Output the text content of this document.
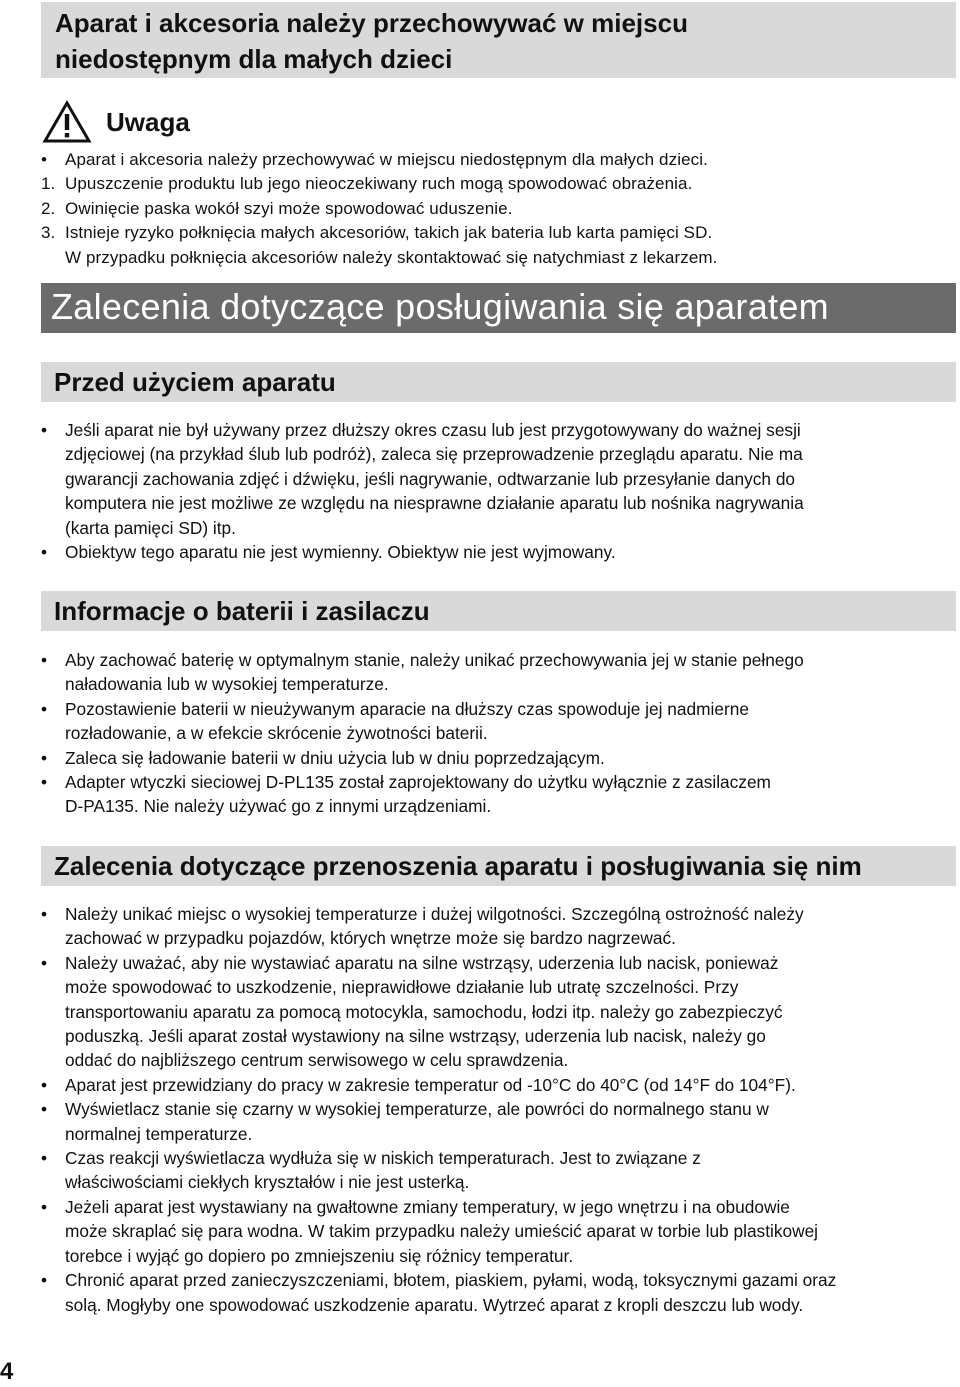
Aparat i akcesoria należy przechowywać w miejscu
niedostępnym dla małych dzieci
Uwaga
• Aparat i akcesoria należy przechowywać w miejscu niedostępnym dla małych dzieci.
1. Upuszczenie produktu lub jego nieoczekiwany ruch mogą spowodować obrażenia.
2. Owinięcie paska wokół szyi może spowodować uduszenie.
3. Istnieje ryzyko połknięcia małych akcesoriów, takich jak bateria lub karta pamięci SD.
W przypadku połknięcia akcesoriów należy skontaktować się natychmiast z lekarzem.
Zalecenia dotyczące posługiwania się aparatem
Przed użyciem aparatu
• Jeśli aparat nie był używany przez dłuższy okres czasu lub jest przygotowywany do ważnej sesji
zdjęciowej (na przykład ślub lub podróż), zaleca się przeprowadzenie przeglądu aparatu. Nie ma
gwarancji zachowania zdjęć i dźwięku, jeśli nagrywanie, odtwarzanie lub przesyłanie danych do
komputera nie jest możliwe ze względu na niesprawne działanie aparatu lub nośnika nagrywania
(karta pamięci SD) itp.
• Obiektyw tego aparatu nie jest wymienny. Obiektyw nie jest wyjmowany.
Informacje o baterii i zasilaczu
• Aby zachować baterię w optymalnym stanie, należy unikać przechowywania jej w stanie pełnego
naładowania lub w wysokiej temperaturze.
• Pozostawienie baterii w nieużywanym aparacie na dłuższy czas spowoduje jej nadmierne
rozładowanie, a w efekcie skrócenie żywotności baterii.
• Zaleca się ładowanie baterii w dniu użycia lub w dniu poprzedzającym.
• Adapter wtyczki sieciowej D-PL135 został zaprojektowany do użytku wyłącznie z zasilaczem
D-PA135. Nie należy używać go z innymi urządzeniami.
Zalecenia dotyczące przenoszenia aparatu i posługiwania się nim
• Należy unikać miejsc o wysokiej temperaturze i dużej wilgotności. Szczególną ostrożność należy
zachować w przypadku pojazdów, których wnętrze może się bardzo nagrzewać.
• Należy uważać, aby nie wystawiać aparatu na silne wstrząsy, uderzenia lub nacisk, ponieważ
może spowodować to uszkodzenie, nieprawidłowe działanie lub utratę szczelności. Przy
transportowaniu aparatu za pomocą motocykla, samochodu, łodzi itp. należy go zabezpieczyć
poduszką. Jeśli aparat został wystawiony na silne wstrząsy, uderzenia lub nacisk, należy go
oddać do najbliższego centrum serwisowego w celu sprawdzenia.
• Aparat jest przewidziany do pracy w zakresie temperatur od -10°C do 40°C (od 14°F do 104°F).
• Wyświetlacz stanie się czarny w wysokiej temperaturze, ale powróci do normalnego stanu w
normalnej temperaturze.
• Czas reakcji wyświetlacza wydłuża się w niskich temperaturach. Jest to związane z
właściwościami ciekłych kryształów i nie jest usterką.
• Jeżeli aparat jest wystawiany na gwałtowne zmiany temperatury, w jego wnętrzu i na obudowie
może skraplać się para wodna. W takim przypadku należy umieścić aparat w torbie lub plastikowej
torebce i wyjąć go dopiero po zmniejszeniu się różnicy temperatur.
• Chronić aparat przed zanieczyszczeniami, błotem, piaskiem, pyłami, wodą, toksycznymi gazami oraz
solą. Mogłyby one spowodować uszkodzenie aparatu. Wytrzeć aparat z kropli deszczu lub wody.
4
